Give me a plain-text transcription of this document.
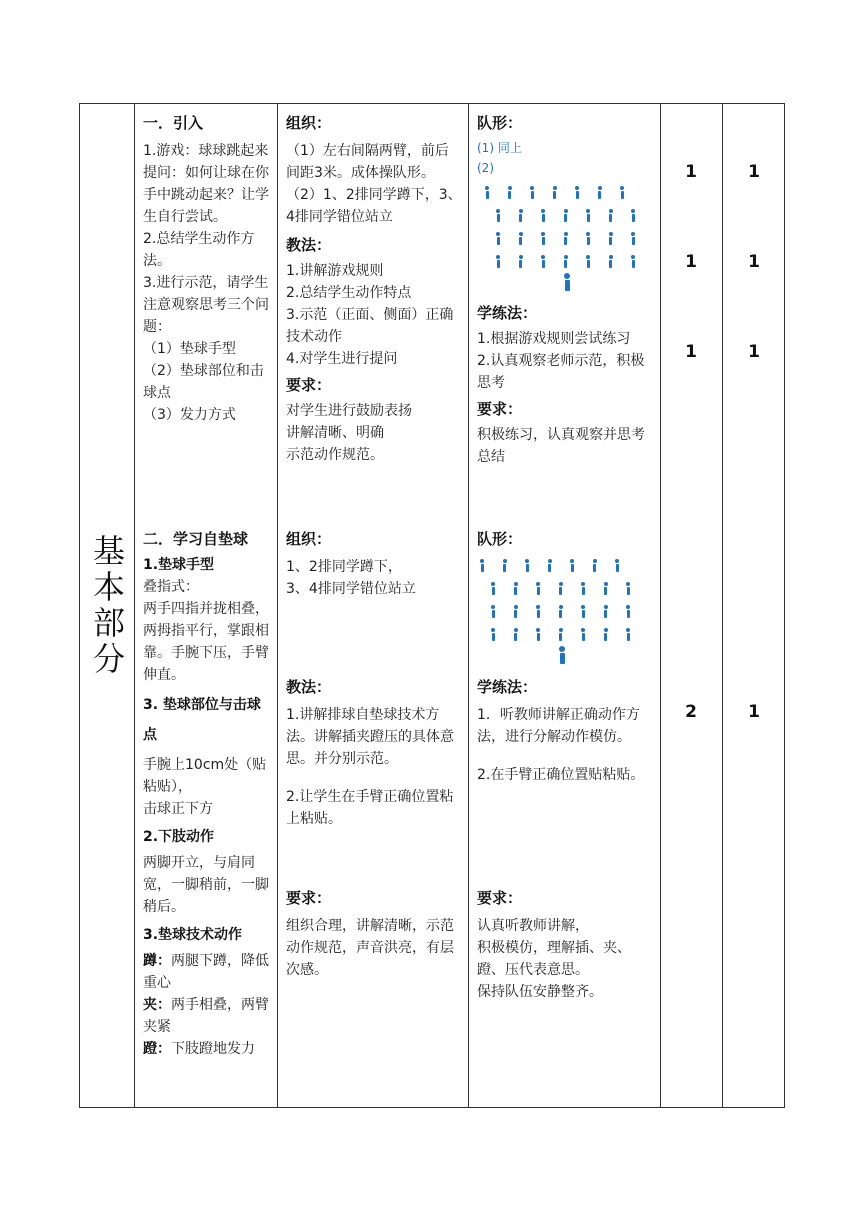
基本部分

一．引入

1.游戏：球球跳起来

提问：如何让球在你手中跳动起来？让学生自行尝试。

2.总结学生动作方法。

3.进行示范，请学生注意观察思考三个问题：

（1）垫球手型

（2）垫球部位和击球点

（3）发力方式

二．学习自垫球

1.垫球手型

叠指式：

两手四指并拢相叠，两拇指平行，掌跟相靠。手腕下压，手臂伸直。

3. 垫球部位与击球点

手腕上10cm处（贴粘贴），

击球正下方

2.下肢动作

两脚开立，与肩同宽，一脚稍前，一脚稍后。

3.垫球技术动作

蹲：两腿下蹲，降低重心

夹：两手相叠，两臂夹紧

蹬：下肢蹬地发力

组织：

（1）左右间隔两臂，前后间距3米。成体操队形。

（2）1、2排同学蹲下，3、4排同学错位站立

教法：

1.讲解游戏规则

2.总结学生动作特点

3.示范（正面、侧面）正确技术动作

4.对学生进行提问

要求：

对学生进行鼓励表扬

讲解清晰、明确

示范动作规范。

组织：

1、2排同学蹲下，

3、4排同学错位站立

教法：

1.讲解排球自垫球技术方法。讲解插夹蹬压的具体意思。并分别示范。

2.让学生在手臂正确位置粘上粘贴。

要求：

组织合理，讲解清晰，示范动作规范，声音洪亮，有层次感。

队形：

(1) 同上

(2)

学练法：

1.根据游戏规则尝试练习

2.认真观察老师示范，积极思考

要求：

积极练习，认真观察并思考总结

队形：

学练法：

1．听教师讲解正确动作方法，进行分解动作模仿。

2.在手臂正确位置贴粘贴。

要求：

认真听教师讲解，

积极模仿，理解插、夹、蹬、压代表意思。

保持队伍安静整齐。

1
1
1
2
1
1
1
1
